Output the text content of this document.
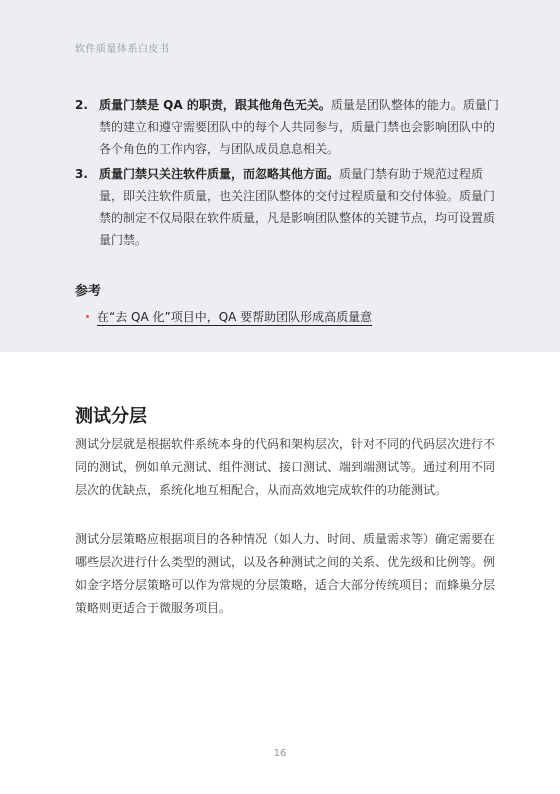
软件质量体系白皮书
2. 质量门禁是 QA 的职责，跟其他角色无关。质量是团队整体的能力。质量门禁的建立和遵守需要团队中的每个人共同参与，质量门禁也会影响团队中的各个角色的工作内容，与团队成员息息相关。
3. 质量门禁只关注软件质量，而忽略其他方面。质量门禁有助于规范过程质量，即关注软件质量，也关注团队整体的交付过程质量和交付体验。质量门禁的制定不仅局限在软件质量，凡是影响团队整体的关键节点，均可设置质量门禁。
参考
在“去 QA 化”项目中，QA 要帮助团队形成高质量意
测试分层

测试分层就是根据软件系统本身的代码和架构层次，针对不同的代码层次进行不同的测试，例如单元测试、组件测试、接口测试、端到端测试等。通过利用不同层次的优缺点，系统化地互相配合，从而高效地完成软件的功能测试。

测试分层策略应根据项目的各种情况（如人力、时间、质量需求等）确定需要在哪些层次进行什么类型的测试，以及各种测试之间的关系、优先级和比例等。例如金字塔分层策略可以作为常规的分层策略，适合大部分传统项目；而蜂巢分层策略则更适合于微服务项目。

16
